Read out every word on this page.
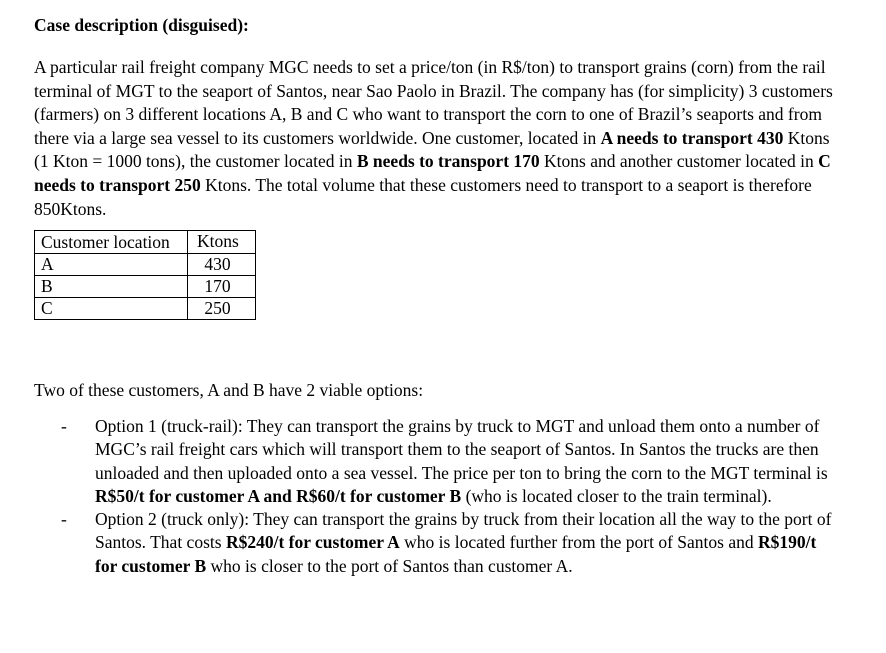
Case description (disguised):

A particular rail freight company MGC needs to set a price/ton (in R$/ton) to transport grains (corn) from the rail terminal of MGT to the seaport of Santos, near Sao Paolo in Brazil. The company has (for simplicity) 3 customers (farmers) on 3 different locations A, B and C who want to transport the corn to one of Brazil’s seaports and from there via a large sea vessel to its customers worldwide. One customer, located in A needs to transport 430 Ktons (1 Kton = 1000 tons), the customer located in B needs to transport 170 Ktons and another customer located in C needs to transport 250 Ktons. The total volume that these customers need to transport to a seaport is therefore 850Ktons.

Customer location	Ktons
A	430
B	170
C	250

Two of these customers, A and B have 2 viable options:

- Option 1 (truck-rail): They can transport the grains by truck to MGT and unload them onto a number of MGC’s rail freight cars which will transport them to the seaport of Santos. In Santos the trucks are then unloaded and then uploaded onto a sea vessel. The price per ton to bring the corn to the MGT terminal is R$50/t for customer A and R$60/t for customer B (who is located closer to the train terminal).
- Option 2 (truck only): They can transport the grains by truck from their location all the way to the port of Santos. That costs R$240/t for customer A who is located further from the port of Santos and R$190/t for customer B who is closer to the port of Santos than customer A.
